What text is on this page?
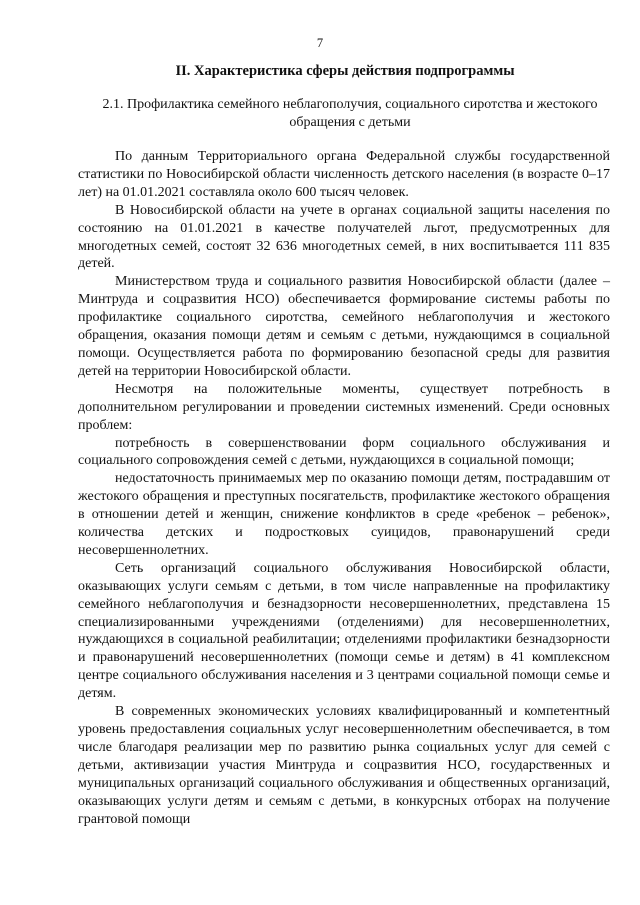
7
II. Характеристика сферы действия подпрограммы
2.1. Профилактика семейного неблагополучия, социального сиротства и жестокого обращения с детьми

По данным Территориального органа Федеральной службы государственной статистики по Новосибирской области численность детского населения (в возрасте 0–17 лет) на 01.01.2021 составляла около 600 тысяч человек.

В Новосибирской области на учете в органах социальной защиты населения по состоянию на 01.01.2021 в качестве получателей льгот, предусмотренных для многодетных семей, состоят 32 636 многодетных семей, в них воспитывается 111 835 детей.

Министерством труда и социального развития Новосибирской области (далее – Минтруда и соцразвития НСО) обеспечивается формирование системы работы по профилактике социального сиротства, семейного неблагополучия и жестокого обращения, оказания помощи детям и семьям с детьми, нуждающимся в социальной помощи. Осуществляется работа по формированию безопасной среды для развития детей на территории Новосибирской области.

Несмотря на положительные моменты, существует потребность в дополнительном регулировании и проведении системных изменений. Среди основных проблем:

потребность в совершенствовании форм социального обслуживания и социального сопровождения семей с детьми, нуждающихся в социальной помощи;

недостаточность принимаемых мер по оказанию помощи детям, пострадавшим от жестокого обращения и преступных посягательств, профилактике жестокого обращения в отношении детей и женщин, снижение конфликтов в среде «ребенок – ребенок», количества детских и подростковых суицидов, правонарушений среди несовершеннолетних.

Сеть организаций социального обслуживания Новосибирской области, оказывающих услуги семьям с детьми, в том числе направленные на профилактику семейного неблагополучия и безнадзорности несовершеннолетних, представлена 15 специализированными учреждениями (отделениями) для несовершеннолетних, нуждающихся в социальной реабилитации; отделениями профилактики безнадзорности и правонарушений несовершеннолетних (помощи семье и детям) в 41 комплексном центре социального обслуживания населения и 3 центрами социальной помощи семье и детям.

В современных экономических условиях квалифицированный и компетентный уровень предоставления социальных услуг несовершеннолетним обеспечивается, в том числе благодаря реализации мер по развитию рынка социальных услуг для семей с детьми, активизации участия Минтруда и соцразвития НСО, государственных и муниципальных организаций социального обслуживания и общественных организаций, оказывающих услуги детям и семьям с детьми, в конкурсных отборах на получение грантовой помощи
